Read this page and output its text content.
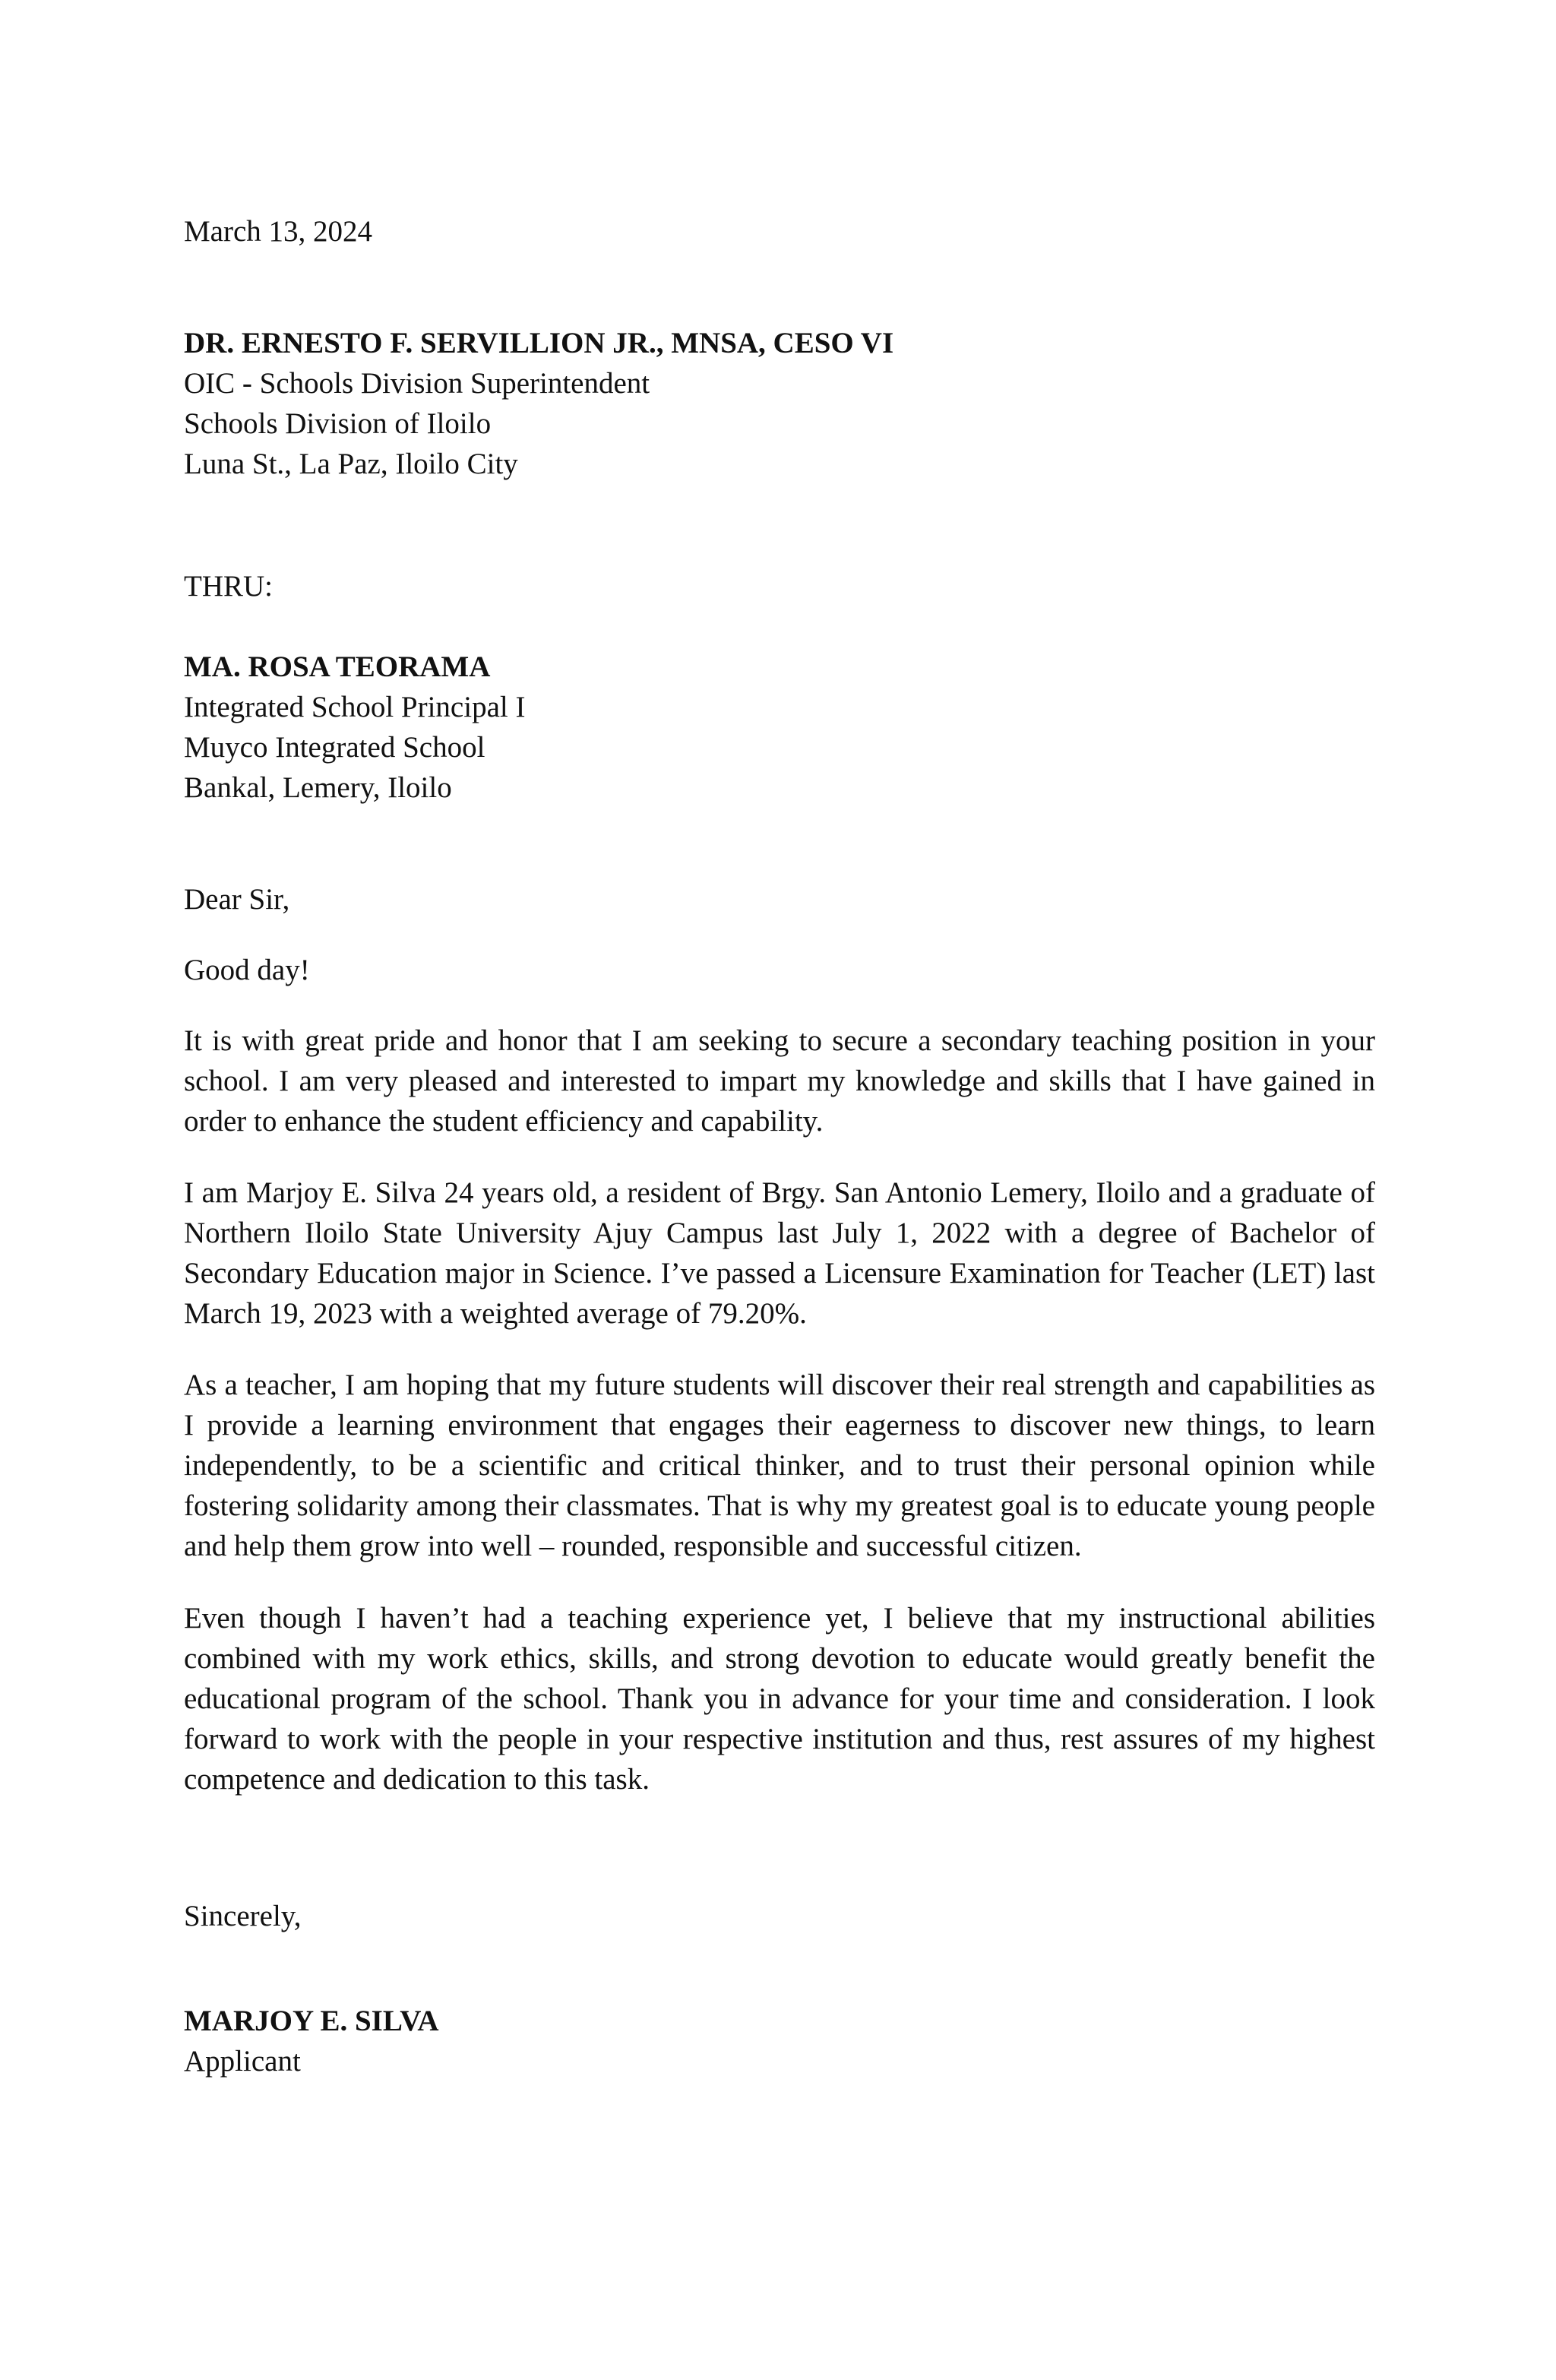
March 13, 2024
DR. ERNESTO F. SERVILLION JR., MNSA, CESO VI
OIC - Schools Division Superintendent
Schools Division of Iloilo
Luna St., La Paz, Iloilo City
THRU:
MA. ROSA TEORAMA
Integrated School Principal I
Muyco Integrated School
Bankal, Lemery, Iloilo
Dear Sir,
Good day!

It is with great pride and honor that I am seeking to secure a secondary teaching position in your school. I am very pleased and interested to impart my knowledge and skills that I have gained in order to enhance the student efficiency and capability.

I am Marjoy E. Silva 24 years old, a resident of Brgy. San Antonio Lemery, Iloilo and a graduate of Northern Iloilo State University Ajuy Campus last July 1, 2022 with a degree of Bachelor of Secondary Education major in Science. I’ve passed a Licensure Examination for Teacher (LET) last March 19, 2023 with a weighted average of 79.20%.

As a teacher, I am hoping that my future students will discover their real strength and capabilities as I provide a learning environment that engages their eagerness to discover new things, to learn independently, to be a scientific and critical thinker, and to trust their personal opinion while fostering solidarity among their classmates. That is why my greatest goal is to educate young people and help them grow into well – rounded, responsible and successful citizen.

Even though I haven’t had a teaching experience yet, I believe that my instructional abilities combined with my work ethics, skills, and strong devotion to educate would greatly benefit the educational program of the school. Thank you in advance for your time and consideration. I look forward to work with the people in your respective institution and thus, rest assures of my highest competence and dedication to this task.

Sincerely,
MARJOY E. SILVA
Applicant
